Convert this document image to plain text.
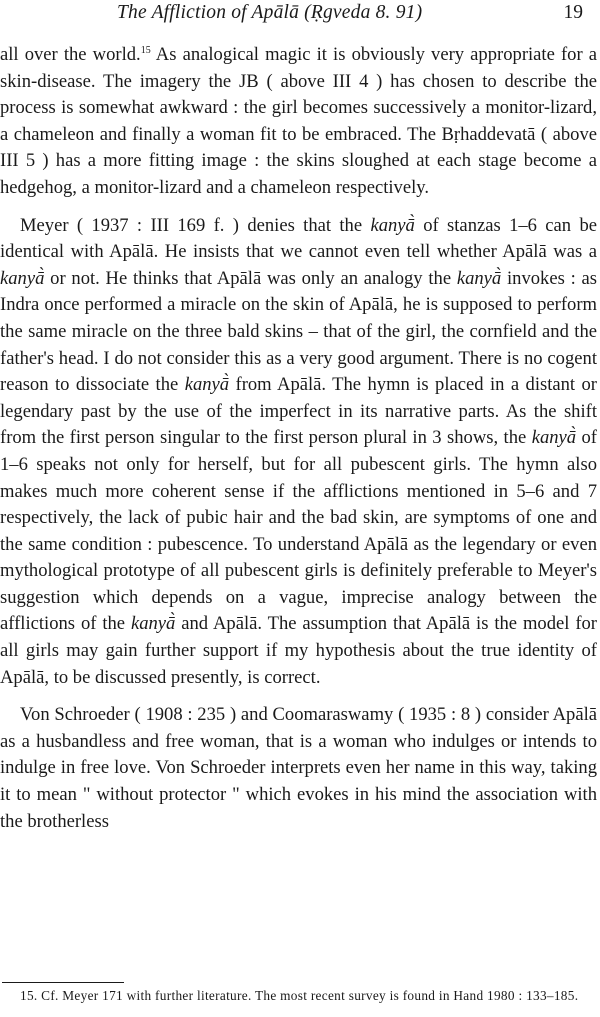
The Affliction of Apālā (Ṛgveda 8. 91)	19

all over the world.$^{15}$ As analogical magic it is obviously very appropriate for a skin-disease. The imagery the JB ( above III 4 ) has chosen to describe the process is somewhat awkward : the girl becomes successively a monitor-lizard, a chameleon and finally a woman fit to be embraced. The Bṛhaddevatā ( above III 5 ) has a more fitting image : the skins sloughed at each stage become a hedgehog, a monitor-lizard and a chameleon respectively.

Meyer ( 1937 : III 169 f. ) denies that the kanyā̀ of stanzas 1–6 can be identical with Apālā. He insists that we cannot even tell whether Apālā was a kanyā̀ or not. He thinks that Apālā was only an analogy the kanyā̀ invokes : as Indra once performed a miracle on the skin of Apālā, he is supposed to perform the same miracle on the three bald skins – that of the girl, the cornfield and the father's head. I do not consider this as a very good argument. There is no cogent reason to dissociate the kanyā̀ from Apālā. The hymn is placed in a distant or legendary past by the use of the imperfect in its narrative parts. As the shift from the first person singular to the first person plural in 3 shows, the kanyā̀ of 1–6 speaks not only for herself, but for all pubescent girls. The hymn also makes much more coherent sense if the afflictions mentioned in 5–6 and 7 respectively, the lack of pubic hair and the bad skin, are symptoms of one and the same condition : pubescence. To understand Apālā as the legendary or even mythological prototype of all pubescent girls is definitely preferable to Meyer's suggestion which depends on a vague, imprecise analogy between the afflictions of the kanyā̀ and Apālā. The assumption that Apālā is the model for all girls may gain further support if my hypothesis about the true identity of Apālā, to be discussed presently, is correct.

Von Schroeder ( 1908 : 235 ) and Coomaraswamy ( 1935 : 8 ) consider Apālā as a husbandless and free woman, that is a woman who indulges or intends to indulge in free love. Von Schroeder interprets even her name in this way, taking it to mean " without protector " which evokes in his mind the association with the brotherless

15. Cf. Meyer 171 with further literature. The most recent survey is found in Hand 1980 : 133–185.
